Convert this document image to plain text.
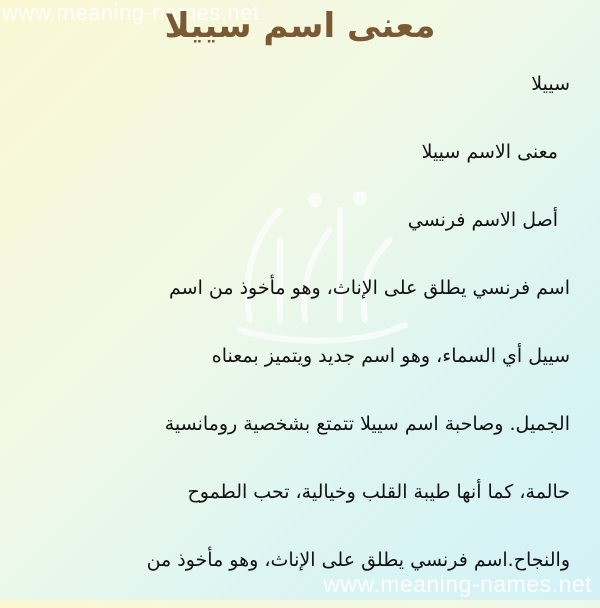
www.meaning-names.net
معنى اسم سييلا

سييلا

معنى الاسم سييلا

أصل الاسم فرنسي

اسم فرنسي يطلق على الإناث، وهو مأخوذ من اسم

سييل أي السماء، وهو اسم جديد ويتميز بمعناه

الجميل. وصاحبة اسم سييلا تتمتع بشخصية رومانسية

حالمة، كما أنها طيبة القلب وخيالية، تحب الطموح

والنجاح.اسم فرنسي يطلق على الإناث، وهو مأخوذ من

www.meaning-names.net
